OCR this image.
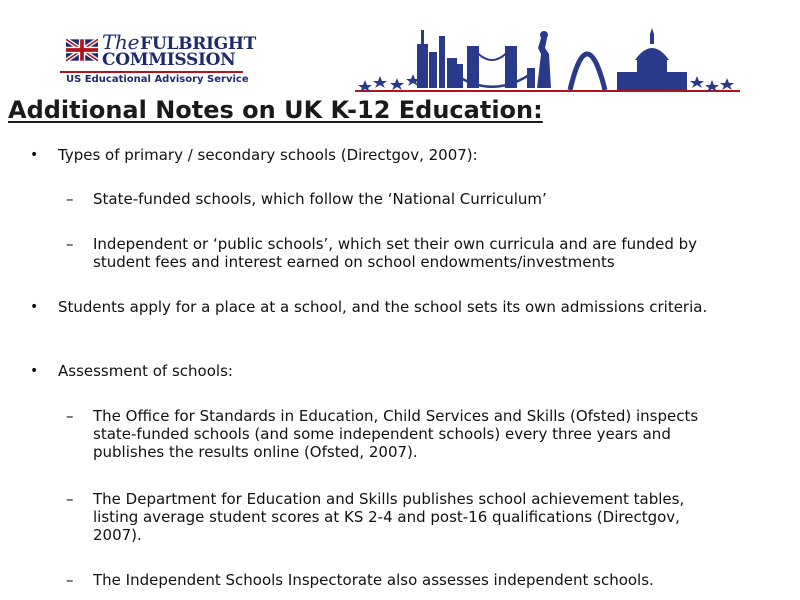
TheFULBRIGHT
COMMISSION
US Educational Advisory Service
Additional Notes on UK K-12 Education:
• Types of primary / secondary schools (Directgov, 2007):
– State-funded schools, which follow the ‘National Curriculum’
– Independent or ‘public schools’, which set their own curricula and are funded by student fees and interest earned on school endowments/investments
• Students apply for a place at a school, and the school sets its own admissions criteria.
• Assessment of schools:
– The Office for Standards in Education, Child Services and Skills (Ofsted) inspects state-funded schools (and some independent schools) every three years and publishes the results online (Ofsted, 2007).
– The Department for Education and Skills publishes school achievement tables, listing average student scores at KS 2-4 and post-16 qualifications (Directgov, 2007).
– The Independent Schools Inspectorate also assesses independent schools.
